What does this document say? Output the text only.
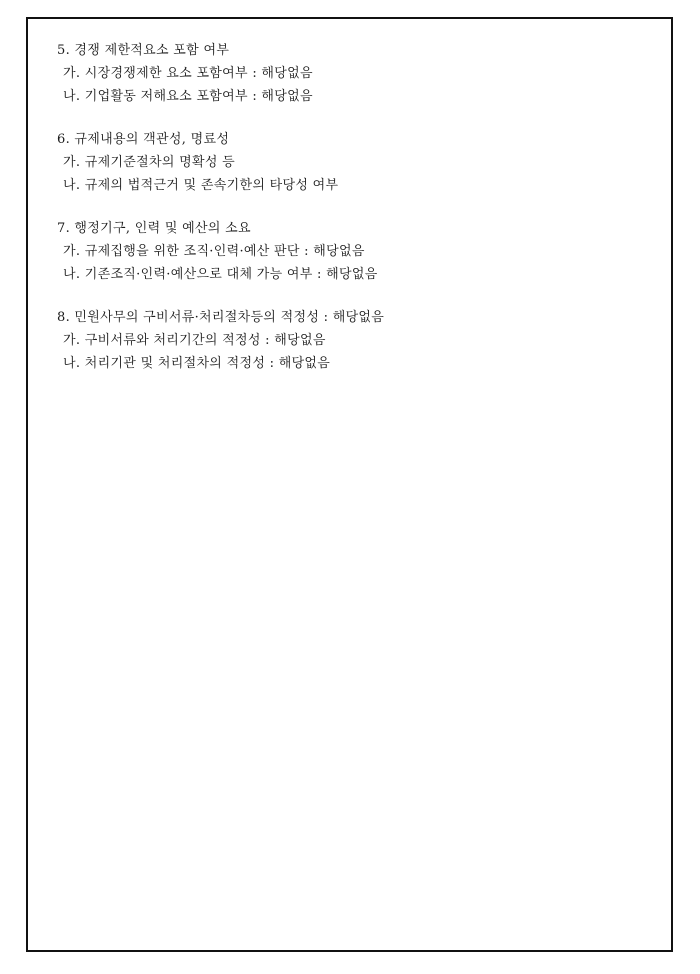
5. 경쟁 제한적요소 포함 여부
가. 시장경쟁제한 요소 포함여부 : 해당없음
나. 기업활동 저해요소 포함여부 : 해당없음
6. 규제내용의 객관성, 명료성
가. 규제기준절차의 명확성 등
나. 규제의 법적근거 및 존속기한의 타당성 여부
7. 행정기구, 인력 및 예산의 소요
가. 규제집행을 위한 조직·인력·예산 판단 : 해당없음
나. 기존조직·인력·예산으로 대체 가능 여부 : 해당없음
8. 민원사무의 구비서류·처리절차등의 적정성 : 해당없음
가. 구비서류와 처리기간의 적정성 : 해당없음
나. 처리기관 및 처리절차의 적정성 : 해당없음
